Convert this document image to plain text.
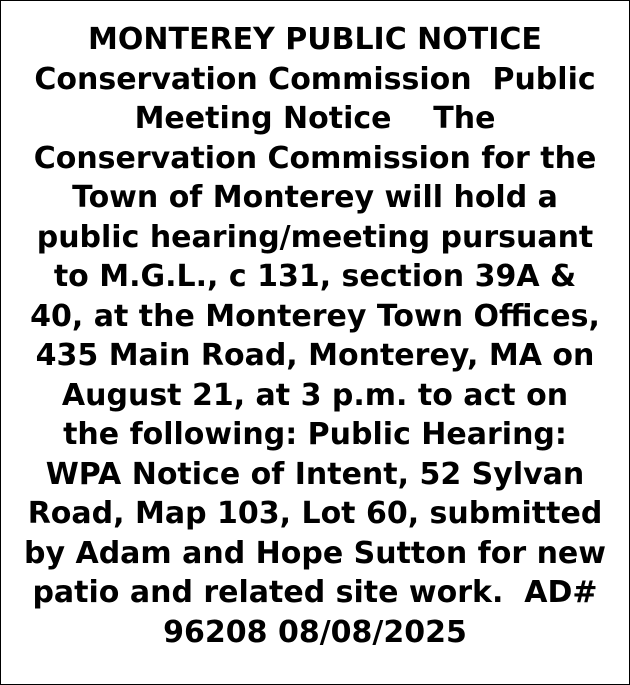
MONTEREY PUBLIC NOTICE
Conservation Commission  Public
Meeting Notice    The
Conservation Commission for the
Town of Monterey will hold a
public hearing/meeting pursuant
to M.G.L., c 131, section 39A &
40, at the Monterey Town Offices,
435 Main Road, Monterey, MA on
August 21, at 3 p.m. to act on
the following: Public Hearing:
WPA Notice of Intent, 52 Sylvan
Road, Map 103, Lot 60, submitted
by Adam and Hope Sutton for new
patio and related site work.  AD#
96208 08/08/2025
